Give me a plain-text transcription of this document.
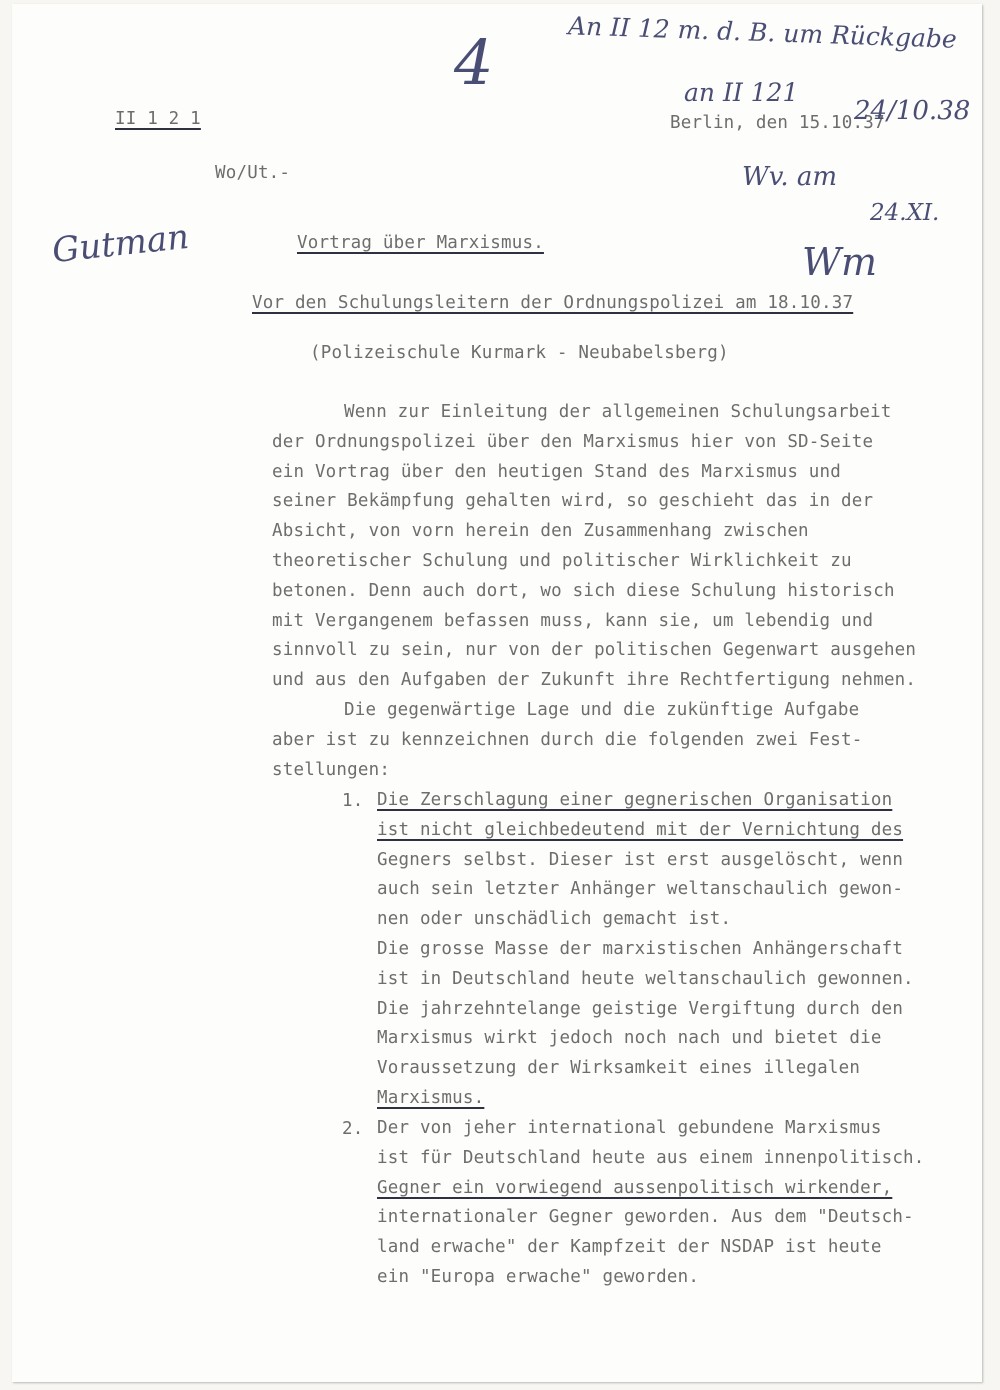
II 1 2 1	Berlin, den 15.10.37
Wo/Ut.-
4	An II 12 m. d. B. um Rückgabe
an II 121
24/10.38
Wv. am
24.XI.
Gutman	Wm
Vortrag über Marxismus.
Vor den Schulungsleitern der Ordnungspolizei am 18.10.37
(Polizeischule Kurmark - Neubabelsberg)
Wenn zur Einleitung der allgemeinen Schulungsarbeit
der Ordnungspolizei über den Marxismus hier von SD-Seite
ein Vortrag über den heutigen Stand des Marxismus und
seiner Bekämpfung gehalten wird, so geschieht das in der
Absicht, von vorn herein den Zusammenhang zwischen
theoretischer Schulung und politischer Wirklichkeit zu
betonen. Denn auch dort, wo sich diese Schulung historisch
mit Vergangenem befassen muss, kann sie, um lebendig und
sinnvoll zu sein, nur von der politischen Gegenwart ausgehen
und aus den Aufgaben der Zukunft ihre Rechtfertigung nehmen.
Die gegenwärtige Lage und die zukünftige Aufgabe
aber ist zu kennzeichnen durch die folgenden zwei Fest-
stellungen:
1. Die Zerschlagung einer gegnerischen Organisation
ist nicht gleichbedeutend mit der Vernichtung des
Gegners selbst. Dieser ist erst ausgelöscht, wenn
auch sein letzter Anhänger weltanschaulich gewon-
nen oder unschädlich gemacht ist.
Die grosse Masse der marxistischen Anhängerschaft
ist in Deutschland heute weltanschaulich gewonnen.
Die jahrzehntelange geistige Vergiftung durch den
Marxismus wirkt jedoch noch nach und bietet die
Voraussetzung der Wirksamkeit eines illegalen
Marxismus.
2. Der von jeher international gebundene Marxismus
ist für Deutschland heute aus einem innenpolitisch.
Gegner ein vorwiegend aussenpolitisch wirkender,
internationaler Gegner geworden. Aus dem "Deutsch-
land erwache" der Kampfzeit der NSDAP ist heute
ein "Europa erwache" geworden.
